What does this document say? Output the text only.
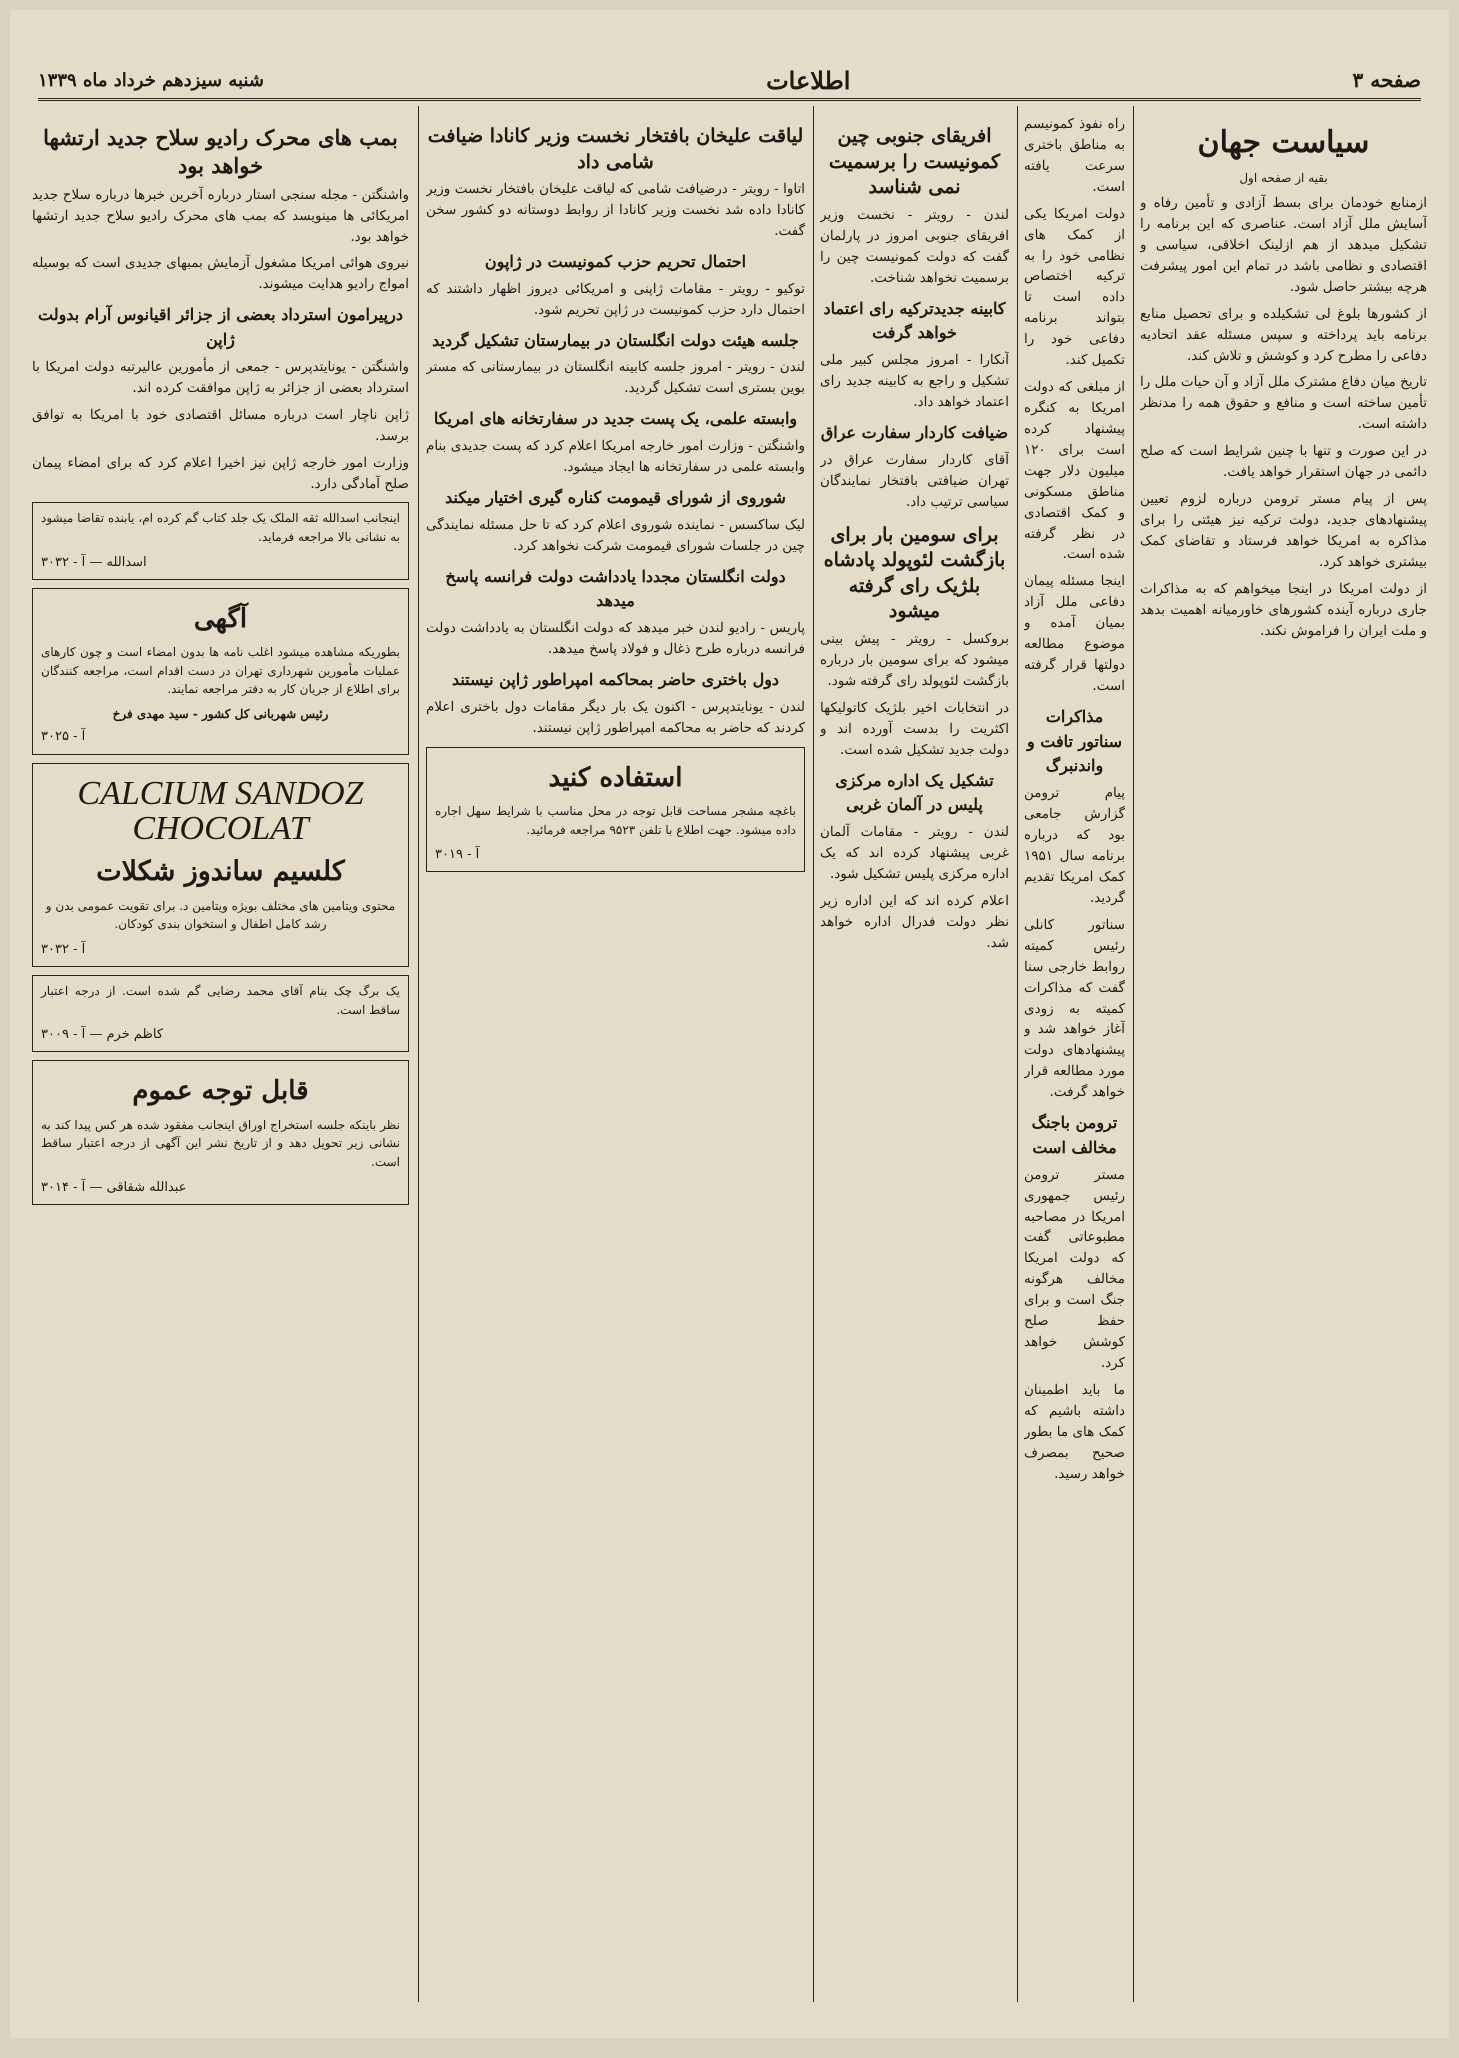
صفحه ۳
اطلاعات
شنبه سیزدهم خرداد ماه ۱۳۳۹
سیاست جهان
بقیه از صفحه اول

ازمنابع خودمان برای بسط آزادی و تأمین رفاه و آسایش ملل آزاد است. عناصری که این برنامه را تشکیل میدهد از هم ازلینک اخلاقی، سیاسی و اقتصادی و نظامی باشد در تمام این امور پیشرفت هرچه بیشتر حاصل شود.

از کشورها بلوغ لی تشکیلده و برای تحصیل منابع برنامه باید پرداخته و سپس مسئله عقد اتحادیه دفاعی را مطرح کرد و کوشش و تلاش کند.

تاریخ میان دفاع مشترک ملل آزاد و آن حیات ملل را تأمین ساخته است و منافع و حقوق همه را مدنظر داشته است.

در این صورت و تنها با چنین شرایط است که صلح دائمی در جهان استقرار خواهد یافت.

پس از پیام مستر ترومن درباره لزوم تعیین پیشنهادهای جدید، دولت ترکیه نیز هیئتی را برای مذاکره به امریکا خواهد فرستاد و تقاضای کمک بیشتری خواهد کرد.

از دولت امریکا در اینجا میخواهم که به مذاکرات جاری درباره آینده کشورهای خاورمیانه اهمیت بدهد و ملت ایران را فراموش نکند.

راه نفوذ کمونیسم به مناطق باختری سرعت یافته است.

دولت امریکا یکی از کمک های نظامی خود را به ترکیه اختصاص داده است تا بتواند برنامه دفاعی خود را تکمیل کند.

از مبلغی که دولت امریکا به کنگره پیشنهاد کرده است برای ۱۲۰ میلیون دلار جهت مناطق مسکونی و کمک اقتصادی در نظر گرفته شده است.

اینجا مسئله پیمان دفاعی ملل آزاد بمیان آمده و موضوع مطالعه دولتها قرار گرفته است.

مذاکرات سناتور تافت و واندنبرگ

پیام ترومن گزارش جامعی بود که درباره برنامه سال ۱۹۵۱ کمک امریکا تقدیم گردید.

سناتور کانلی رئیس کمیته روابط خارجی سنا گفت که مذاکرات کمیته به زودی آغاز خواهد شد و پیشنهادهای دولت مورد مطالعه قرار خواهد گرفت.

ترومن باجنگ مخالف است

مستر ترومن رئیس جمهوری امریکا در مصاحبه مطبوعاتی گفت که دولت امریکا مخالف هرگونه جنگ است و برای حفظ صلح کوشش خواهد کرد.

ما باید اطمینان داشته باشیم که کمک های ما بطور صحیح بمصرف خواهد رسید.

افریقای جنوبی چین کمونیست را برسمیت نمی شناسد

لندن - رویتر - نخست وزیر افریقای جنوبی امروز در پارلمان گفت که دولت کمونیست چین را برسمیت نخواهد شناخت.

کابینه جدیدترکیه رای اعتماد خواهد گرفت

آنکارا - امروز مجلس کبیر ملی تشکیل و راجع به کابینه جدید رای اعتماد خواهد داد.

ضیافت کاردار سفارت عراق

آقای کاردار سفارت عراق در تهران ضیافتی بافتخار نمایندگان سیاسی ترتیب داد.

برای سومین بار برای بازگشت لئوپولد پادشاه بلژیک رای گرفته میشود

بروکسل - رویتر - پیش بینی میشود که برای سومین بار درباره بازگشت لئوپولد رای گرفته شود.

در انتخابات اخیر بلژیک کاتولیکها اکثریت را بدست آورده اند و دولت جدید تشکیل شده است.

تشکیل یک اداره مرکزی پلیس در آلمان غربی

لندن - رویتر - مقامات آلمان غربی پیشنهاد کرده اند که یک اداره مرکزی پلیس تشکیل شود.

اعلام کرده اند که این اداره زیر نظر دولت فدرال اداره خواهد شد.

لیاقت علیخان بافتخار نخست وزیر کانادا ضیافت شامی داد

اتاوا - رویتر - درضیافت شامی که لیاقت علیخان بافتخار نخست وزیر کانادا داده شد نخست وزیر کانادا از روابط دوستانه دو کشور سخن گفت.

احتمال تحریم حزب کمونیست در ژاپون

توکیو - رویتر - مقامات ژاپنی و امریکائی دیروز اظهار داشتند که احتمال دارد حزب کمونیست در ژاپن تحریم شود.

جلسه هیئت دولت انگلستان در بیمارستان تشکیل گردید

لندن - رویتر - امروز جلسه کابینه انگلستان در بیمارستانی که مستر بوین بستری است تشکیل گردید.

وابسته علمی، یک پست جدید در سفارتخانه های امریکا

واشنگتن - وزارت امور خارجه امریکا اعلام کرد که پست جدیدی بنام وابسته علمی در سفارتخانه ها ایجاد میشود.

شوروی از شورای قیمومت کناره گیری اختیار میکند

لیک ساکسس - نماینده شوروی اعلام کرد که تا حل مسئله نمایندگی چین در جلسات شورای قیمومت شرکت نخواهد کرد.

دولت انگلستان مجددا یادداشت دولت فرانسه پاسخ میدهد

پاریس - رادیو لندن خبر میدهد که دولت انگلستان به یادداشت دولت فرانسه درباره طرح ذغال و فولاد پاسخ میدهد.

دول باختری حاضر بمحاکمه امپراطور ژاپن نیستند

لندن - یونایتدپرس - اکنون یک بار دیگر مقامات دول باختری اعلام کردند که حاضر به محاکمه امپراطور ژاپن نیستند.

استفاده کنید

باغچه مشجر مساحت قابل توجه در محل مناسب با شرایط سهل اجاره داده میشود. جهت اطلاع با تلفن ۹۵۲۳ مراجعه فرمائید.

آ - ۳۰۱۹
بمب های محرک رادیو سلاح جدید ارتشها خواهد بود

واشنگتن - مجله سنجی استار درباره آخرین خبرها درباره سلاح جدید امریکائی ها مینویسد که بمب های محرک رادیو سلاح جدید ارتشها خواهد بود.

نیروی هوائی امریکا مشغول آزمایش بمبهای جدیدی است که بوسیله امواج رادیو هدایت میشوند.

درپیرامون استرداد بعضی از جزائر اقیانوس آرام بدولت ژاپن

واشنگتن - یونایتدپرس - جمعی از مأمورین عالیرتبه دولت امریکا با استرداد بعضی از جزائر به ژاپن موافقت کرده اند.

ژاپن ناچار است درباره مسائل اقتصادی خود با امریکا به توافق برسد.

وزارت امور خارجه ژاپن نیز اخیرا اعلام کرد که برای امضاء پیمان صلح آمادگی دارد.

اینجانب اسدالله ثقه الملک یک جلد کتاب گم کرده ام، یابنده تقاضا میشود به نشانی بالا مراجعه فرماید.

اسدالله — آ - ۳۰۳۲
آگهی

بطوریکه مشاهده میشود اغلب نامه ها بدون امضاء است و چون کارهای عملیات مأمورین شهرداری تهران در دست اقدام است، مراجعه کنندگان برای اطلاع از جریان کار به دفتر مراجعه نمایند.

رئیس شهربانی کل کشور - سید مهدی فرخ
آ - ۳۰۲۵
CALCIUM SANDOZ CHOCOLAT
کلسیم ساندوز شکلات

محتوی ویتامین های مختلف بویژه ویتامین د. برای تقویت عمومی بدن و رشد کامل اطفال و استخوان بندی کودکان.

آ - ۳۰۳۲

یک برگ چک بنام آقای محمد رضایی گم شده است. از درجه اعتبار ساقط است.

کاظم خرم — آ - ۳۰۰۹
قابل توجه عموم

نظر باینکه جلسه استخراج اوراق اینجانب مفقود شده هر کس پیدا کند به نشانی زیر تحویل دهد و از تاریخ نشر این آگهی از درجه اعتبار ساقط است.

عبدالله شقاقی — آ - ۳۰۱۴
